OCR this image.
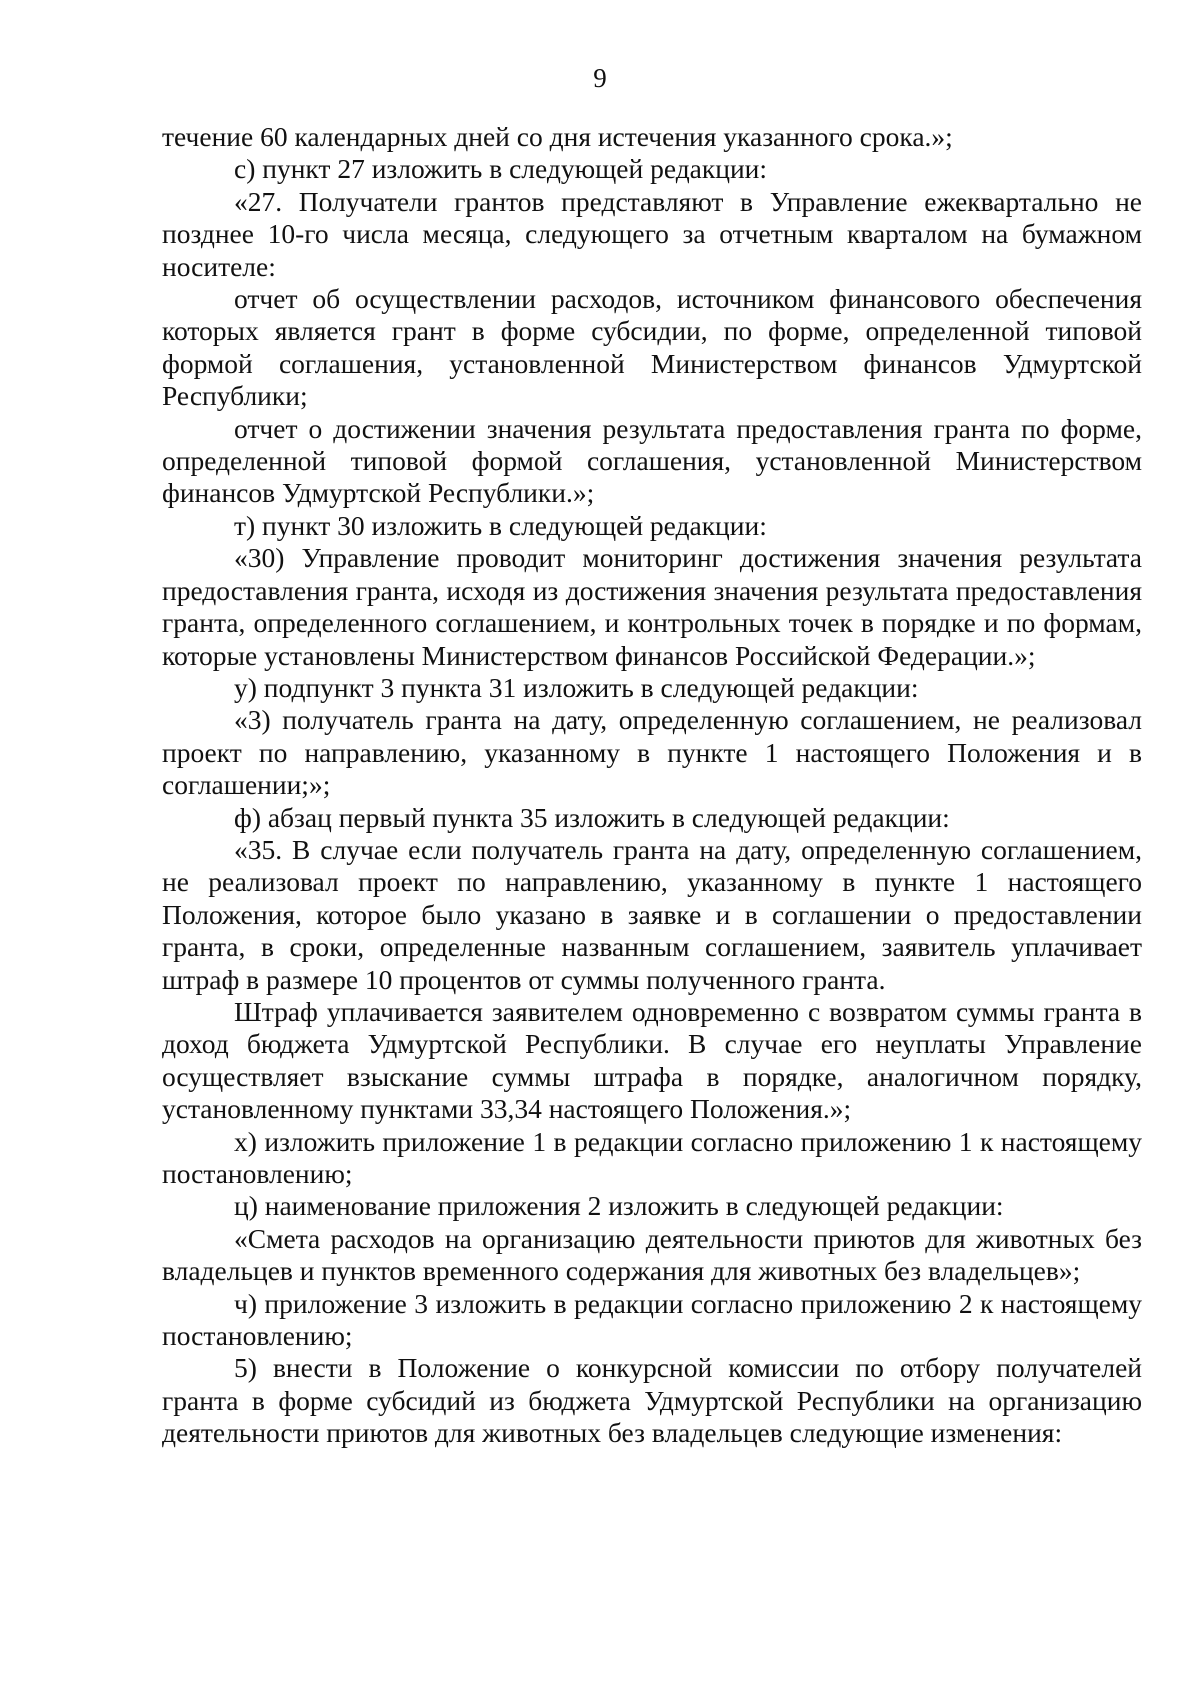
9

течение 60 календарных дней со дня истечения указанного срока.»;

с) пункт 27 изложить в следующей редакции:

«27. Получатели грантов представляют в Управление ежеквартально не позднее 10-го числа месяца, следующего за отчетным кварталом на бумажном носителе:

отчет об осуществлении расходов, источником финансового обеспечения которых является грант в форме субсидии, по форме, определенной типовой формой соглашения, установленной Министерством финансов Удмуртской Республики;

отчет о достижении значения результата предоставления гранта по форме, определенной типовой формой соглашения, установленной Министерством финансов Удмуртской Республики.»;

т) пункт 30 изложить в следующей редакции:

«30) Управление проводит мониторинг достижения значения результата предоставления гранта, исходя из достижения значения результата предоставления гранта, определенного соглашением, и контрольных точек в порядке и по формам, которые установлены Министерством финансов Российской Федерации.»;

у) подпункт 3 пункта 31 изложить в следующей редакции:

«3) получатель гранта на дату, определенную соглашением, не реализовал проект по направлению, указанному в пункте 1 настоящего Положения и в соглашении;»;

ф) абзац первый пункта 35 изложить в следующей редакции:

«35. В случае если получатель гранта на дату, определенную соглашением, не реализовал проект по направлению, указанному в пункте 1 настоящего Положения, которое было указано в заявке и в соглашении о предоставлении гранта, в сроки, определенные названным соглашением, заявитель уплачивает штраф в размере 10 процентов от суммы полученного гранта.

Штраф уплачивается заявителем одновременно с возвратом суммы гранта в доход бюджета Удмуртской Республики. В случае его неуплаты Управление осуществляет взыскание суммы штрафа в порядке, аналогичном порядку, установленному пунктами 33,34 настоящего Положения.»;

х) изложить приложение 1 в редакции согласно приложению 1 к настоящему постановлению;

ц) наименование приложения 2 изложить в следующей редакции:

«Смета расходов на организацию деятельности приютов для животных без владельцев и пунктов временного содержания для животных без владельцев»;

ч) приложение 3 изложить в редакции согласно приложению 2 к настоящему постановлению;

5) внести в Положение о конкурсной комиссии по отбору получателей гранта в форме субсидий из бюджета Удмуртской Республики на организацию деятельности приютов для животных без владельцев следующие изменения:
